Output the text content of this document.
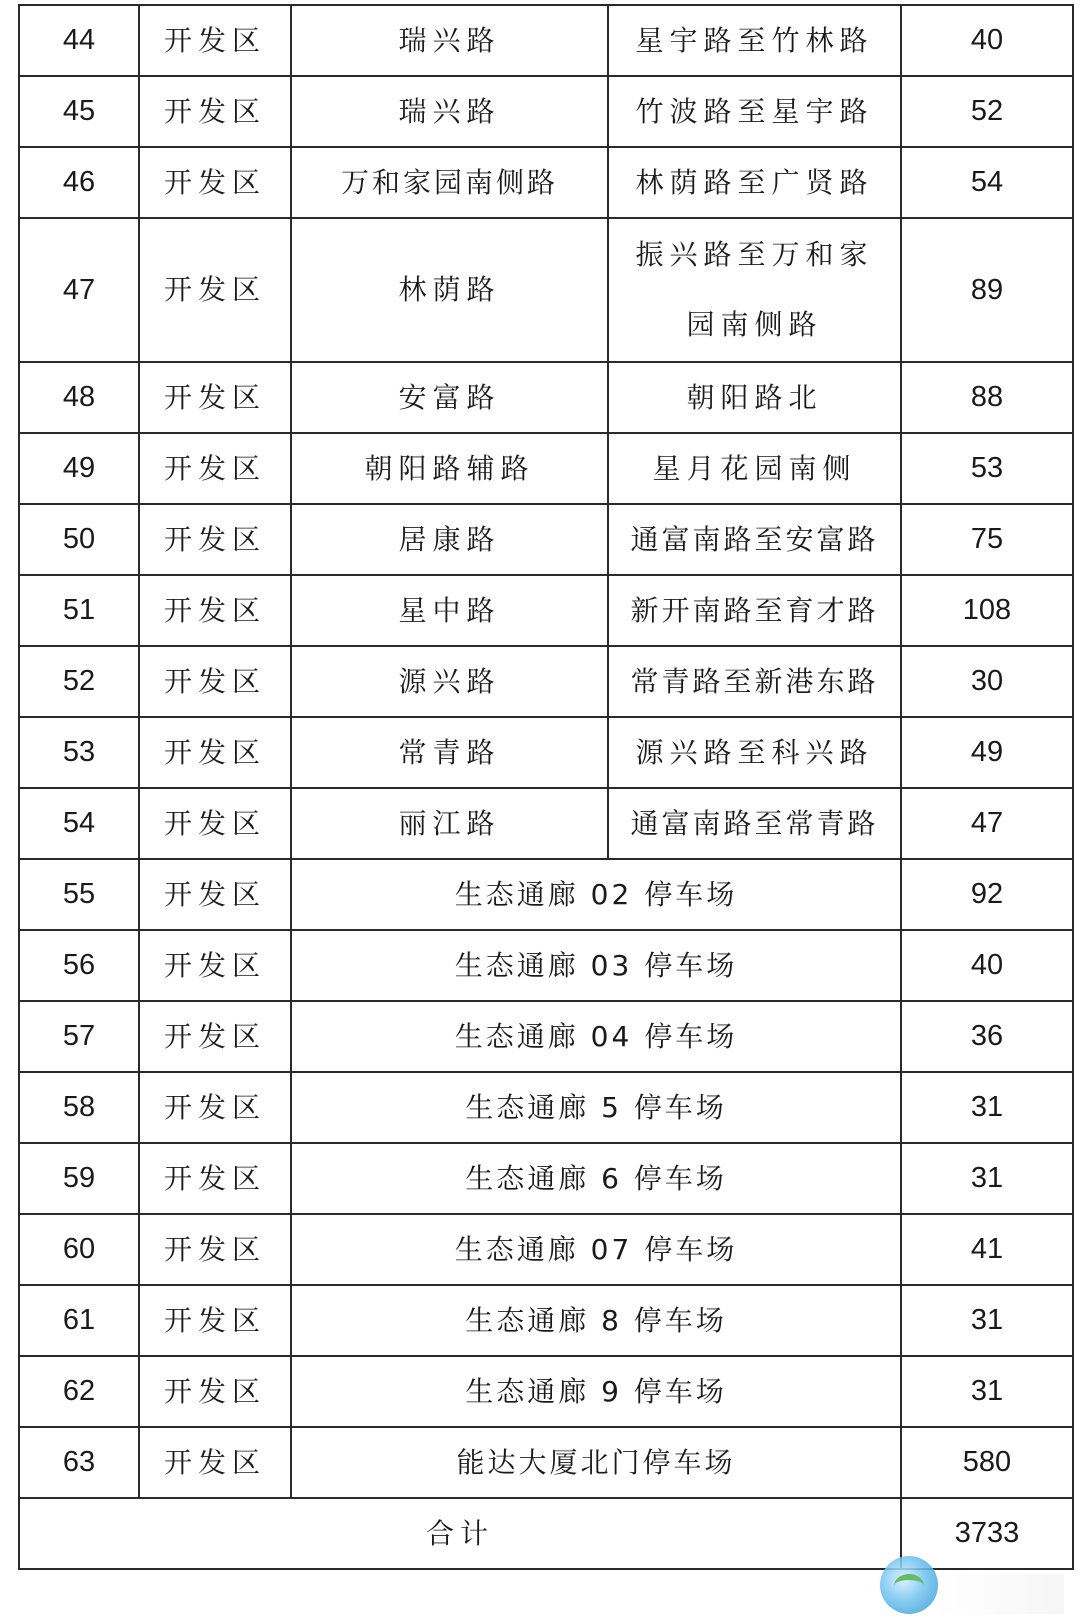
44	开发区	瑞兴路	星宇路至竹林路	40
45	开发区	瑞兴路	竹波路至星宇路	52
46	开发区	万和家园南侧路	林荫路至广贤路	54
47	开发区	林荫路	振兴路至万和家园南侧路	89
48	开发区	安富路	朝阳路北	88
49	开发区	朝阳路辅路	星月花园南侧	53
50	开发区	居康路	通富南路至安富路	75
51	开发区	星中路	新开南路至育才路	108
52	开发区	源兴路	常青路至新港东路	30
53	开发区	常青路	源兴路至科兴路	49
54	开发区	丽江路	通富南路至常青路	47
55	开发区	生态通廊 02 停车场		92
56	开发区	生态通廊 03 停车场		40
57	开发区	生态通廊 04 停车场		36
58	开发区	生态通廊 5 停车场		31
59	开发区	生态通廊 6 停车场		31
60	开发区	生态通廊 07 停车场		41
61	开发区	生态通廊 8 停车场		31
62	开发区	生态通廊 9 停车场		31
63	开发区	能达大厦北门停车场		580
合计				3733
